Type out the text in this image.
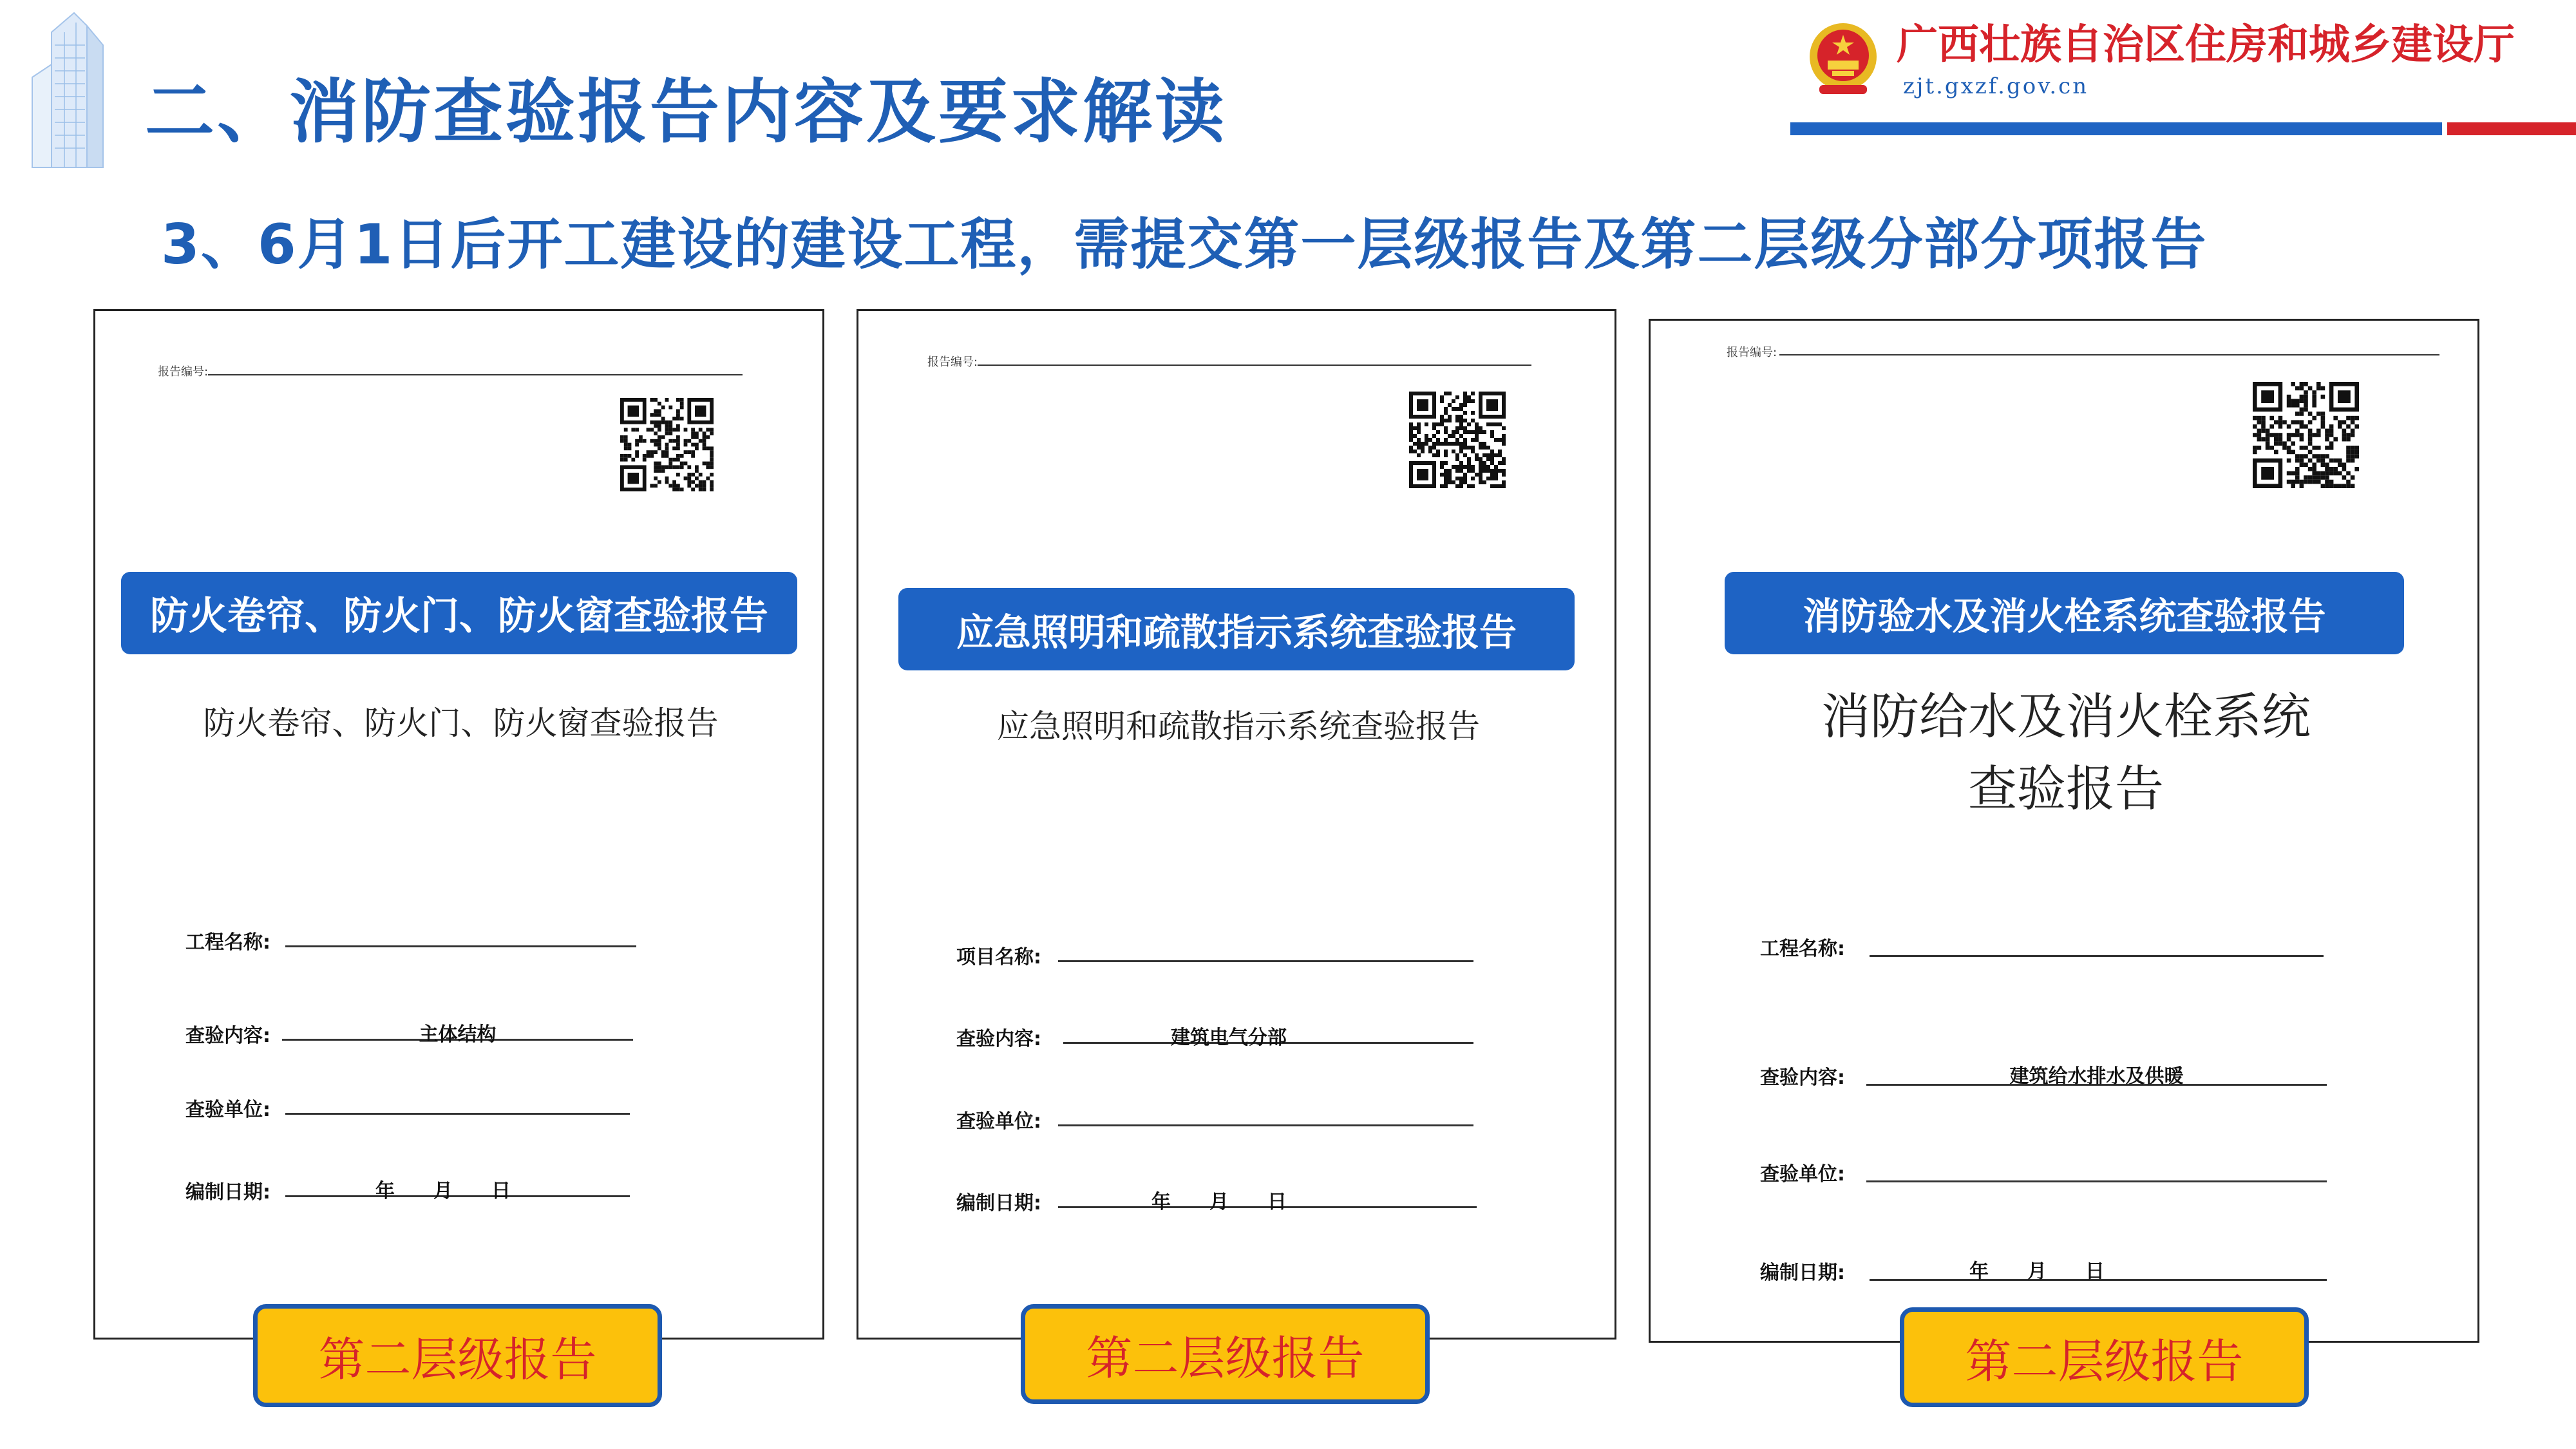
二、消防查验报告内容及要求解读
广西壮族自治区住房和城乡建设厅
zjt.gxzf.gov.cn
3、6月1日后开工建设的建设工程，需提交第一层级报告及第二层级分部分项报告
报告编号:
防火卷帘、防火门、防火窗查验报告
防火卷帘、防火门、防火窗查验报告
工程名称:
查验内容:	主体结构
查验单位:
编制日期:	年　　月　　日
第二层级报告
报告编号:
应急照明和疏散指示系统查验报告
应急照明和疏散指示系统查验报告
项目名称:
查验内容:	建筑电气分部
查验单位:
编制日期:	年　　月　　日
第二层级报告
报告编号:
消防验水及消火栓系统查验报告
消防给水及消火栓系统
查验报告
工程名称:
查验内容:	建筑给水排水及供暖
查验单位:
编制日期:	年　　月　　日
第二层级报告
